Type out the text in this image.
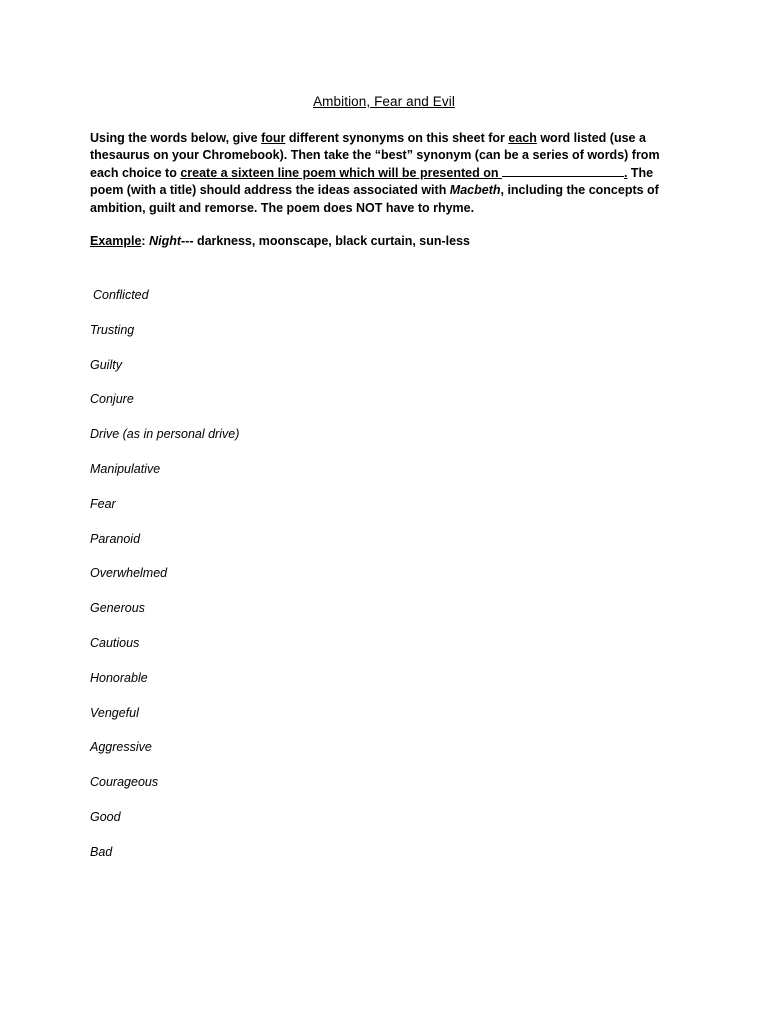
Ambition, Fear and Evil

Using the words below, give four different synonyms on this sheet for each word listed (use a thesaurus on your Chromebook). Then take the “best” synonym (can be a series of words) from each choice to create a sixteen line poem which will be presented on	. The poem (with a title) should address the ideas associated with Macbeth, including the concepts of ambition, guilt and remorse. The poem does NOT have to rhyme.

Example: Night--- darkness, moonscape, black curtain, sun-less
Conflicted
Trusting
Guilty
Conjure
Drive (as in personal drive)
Manipulative
Fear
Paranoid
Overwhelmed
Generous
Cautious
Honorable
Vengeful
Aggressive
Courageous
Good
Bad
